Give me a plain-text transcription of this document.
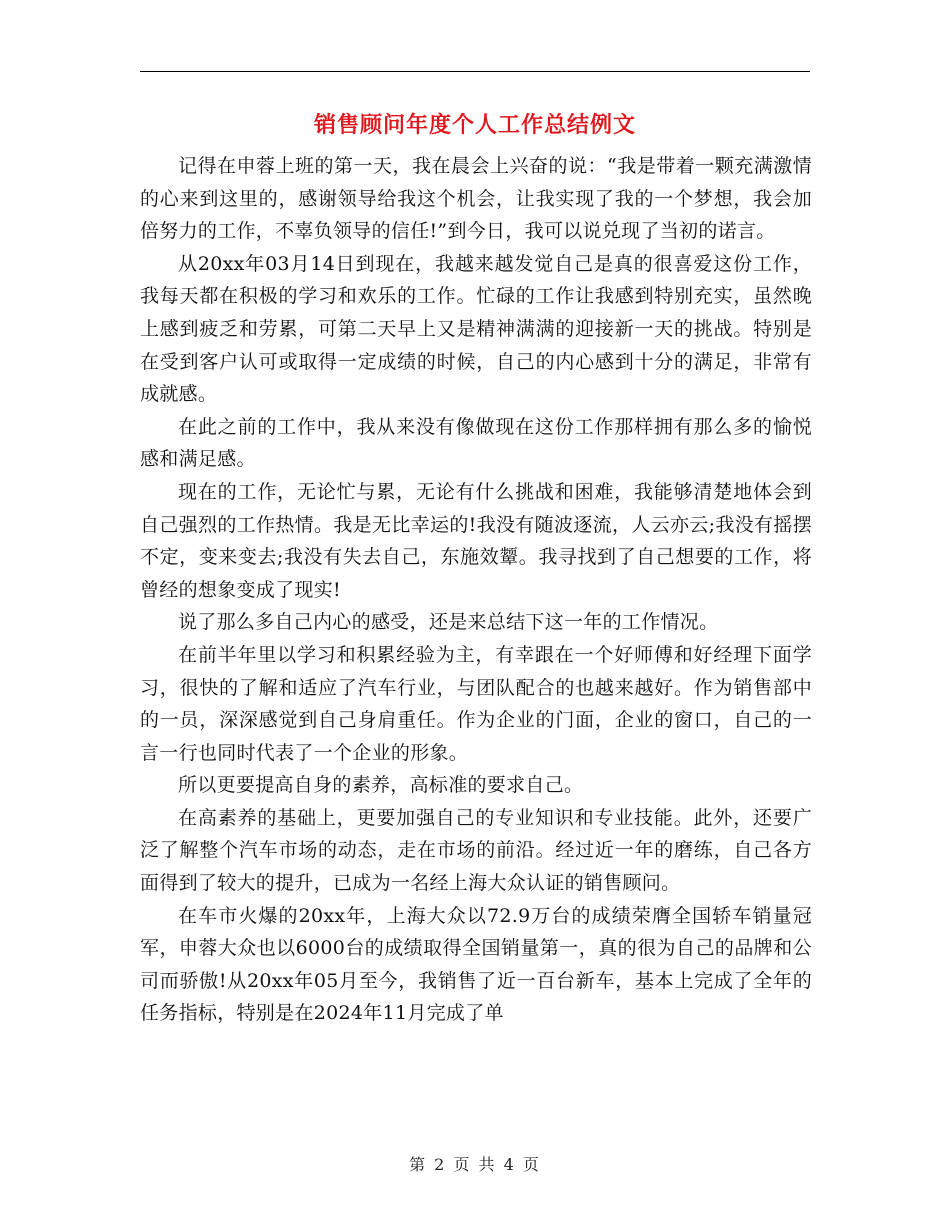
销售顾问年度个人工作总结例文

记得在申蓉上班的第一天，我在晨会上兴奋的说：“我是带着一颗充满激情的心来到这里的，感谢领导给我这个机会，让我实现了我的一个梦想，我会加倍努力的工作，不辜负领导的信任!”到今日，我可以说兑现了当初的诺言。

从20xx年03月14日到现在，我越来越发觉自己是真的很喜爱这份工作，我每天都在积极的学习和欢乐的工作。忙碌的工作让我感到特别充实，虽然晚上感到疲乏和劳累，可第二天早上又是精神满满的迎接新一天的挑战。特别是在受到客户认可或取得一定成绩的时候，自己的内心感到十分的满足，非常有成就感。

在此之前的工作中，我从来没有像做现在这份工作那样拥有那么多的愉悦感和满足感。

现在的工作，无论忙与累，无论有什么挑战和困难，我能够清楚地体会到自己强烈的工作热情。我是无比幸运的!我没有随波逐流，人云亦云;我没有摇摆不定，变来变去;我没有失去自己，东施效颦。我寻找到了自己想要的工作，将曾经的想象变成了现实!

说了那么多自己内心的感受，还是来总结下这一年的工作情况。

在前半年里以学习和积累经验为主，有幸跟在一个好师傅和好经理下面学习，很快的了解和适应了汽车行业，与团队配合的也越来越好。作为销售部中的一员，深深感觉到自己身肩重任。作为企业的门面，企业的窗口，自己的一言一行也同时代表了一个企业的形象。

所以更要提高自身的素养，高标准的要求自己。

在高素养的基础上，更要加强自己的专业知识和专业技能。此外，还要广泛了解整个汽车市场的动态，走在市场的前沿。经过近一年的磨练，自己各方面得到了较大的提升，已成为一名经上海大众认证的销售顾问。

在车市火爆的20xx年，上海大众以72.9万台的成绩荣膺全国轿车销量冠军，申蓉大众也以6000台的成绩取得全国销量第一，真的很为自己的品牌和公司而骄傲!从20xx年05月至今，我销售了近一百台新车，基本上完成了全年的任务指标，特别是在2024年11月完成了单

第 2 页 共 4 页
